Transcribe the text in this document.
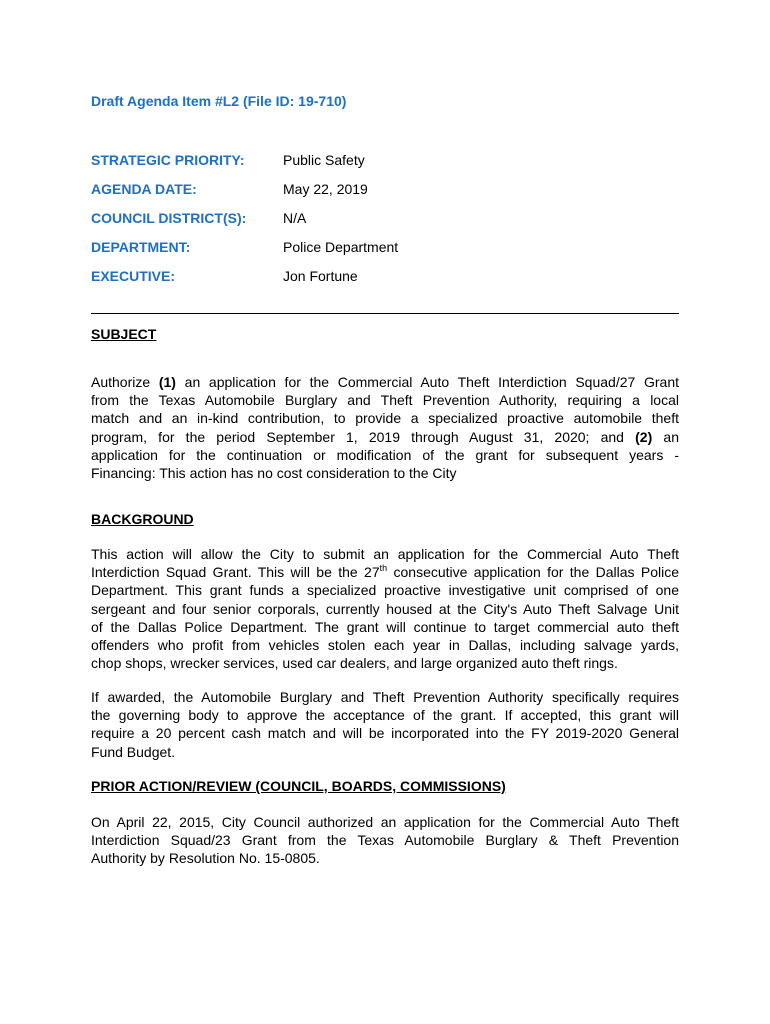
Draft Agenda Item #L2 (File ID: 19-710)
STRATEGIC PRIORITY:	Public Safety
AGENDA DATE:	May 22, 2019
COUNCIL DISTRICT(S):	N/A
DEPARTMENT:	Police Department
EXECUTIVE:	Jon Fortune
SUBJECT
Authorize (1) an application for the Commercial Auto Theft Interdiction Squad/27 Grant
from the Texas Automobile Burglary and Theft Prevention Authority, requiring a local
match and an in-kind contribution, to provide a specialized proactive automobile theft
program, for the period September 1, 2019 through August 31, 2020; and (2) an
application for the continuation or modification of the grant for subsequent years -
Financing: This action has no cost consideration to the City
BACKGROUND
This action will allow the City to submit an application for the Commercial Auto Theft
Interdiction Squad Grant. This will be the 27th consecutive application for the Dallas Police
Department. This grant funds a specialized proactive investigative unit comprised of one
sergeant and four senior corporals, currently housed at the City's Auto Theft Salvage Unit
of the Dallas Police Department. The grant will continue to target commercial auto theft
offenders who profit from vehicles stolen each year in Dallas, including salvage yards,
chop shops, wrecker services, used car dealers, and large organized auto theft rings.
If awarded, the Automobile Burglary and Theft Prevention Authority specifically requires
the governing body to approve the acceptance of the grant. If accepted, this grant will
require a 20 percent cash match and will be incorporated into the FY 2019-2020 General
Fund Budget.
PRIOR ACTION/REVIEW (COUNCIL, BOARDS, COMMISSIONS)
On April 22, 2015, City Council authorized an application for the Commercial Auto Theft
Interdiction Squad/23 Grant from the Texas Automobile Burglary & Theft Prevention
Authority by Resolution No. 15-0805.
